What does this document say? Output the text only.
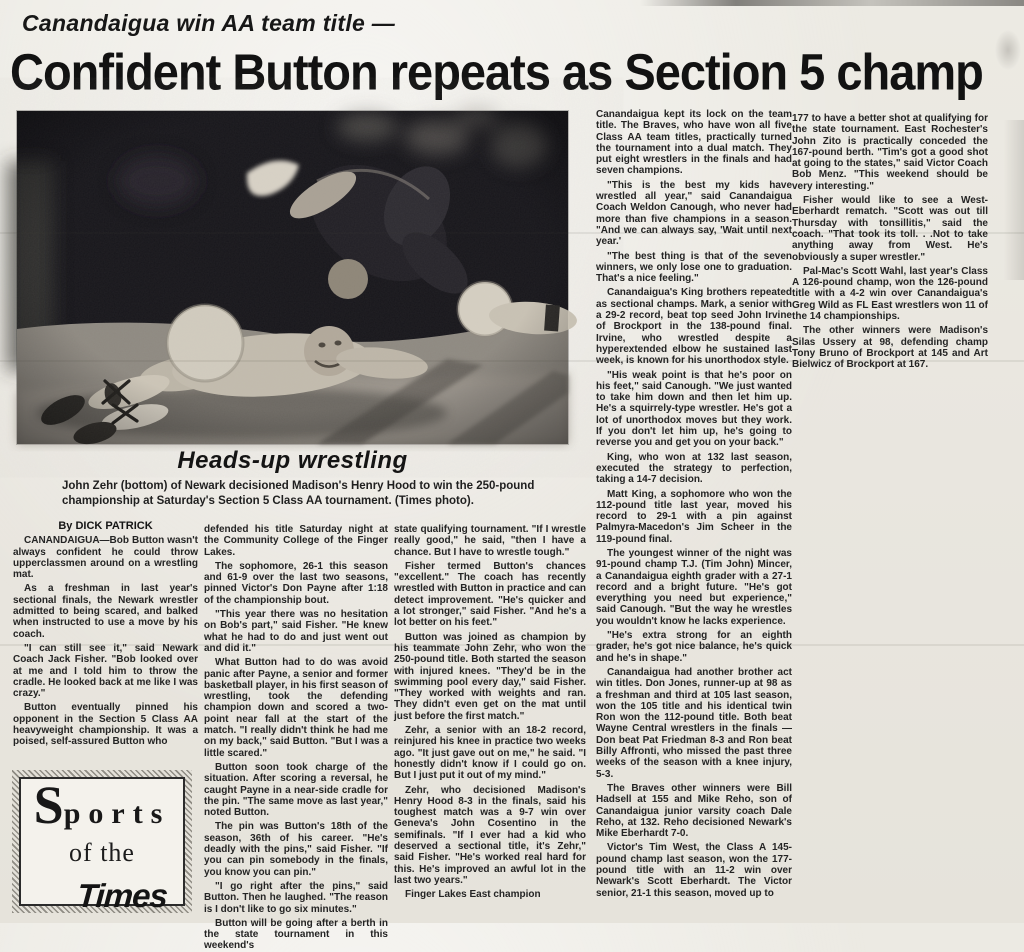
Canandaigua win AA team title —
Confident Button repeats as Section 5 champ
Heads-up wrestling
John Zehr (bottom) of Newark decisioned Madison's Henry Hood to win the 250-pound championship at Saturday's Section 5 Class AA tournament. (Times photo).

By DICK PATRICK

CANANDAIGUA—Bob Button wasn't always confident he could throw upperclassmen around on a wrestling mat.

As a freshman in last year's sectional finals, the Newark wrestler admitted to being scared, and balked when instructed to use a move by his coach.

"I can still see it," said Newark Coach Jack Fisher. "Bob looked over at me and I told him to throw the cradle. He looked back at me like I was crazy."

Button eventually pinned his opponent in the Section 5 Class AA heavyweight championship. It was a poised, self-assured Button who

defended his title Saturday night at the Community College of the Finger Lakes.

The sophomore, 26-1 this season and 61-9 over the last two seasons, pinned Victor's Don Payne after 1:18 of the championship bout.

"This year there was no hesitation on Bob's part," said Fisher. "He knew what he had to do and just went out and did it."

What Button had to do was avoid panic after Payne, a senior and former basketball player, in his first season of wrestling, took the defending champion down and scored a two-point near fall at the start of the match. "I really didn't think he had me on my back," said Button. "But I was a little scared."

Button soon took charge of the situation. After scoring a reversal, he caught Payne in a near-side cradle for the pin. "The same move as last year," noted Button.

The pin was Button's 18th of the season, 36th of his career. "He's deadly with the pins," said Fisher. "If you can pin somebody in the finals, you know you can pin."

"I go right after the pins," said Button. Then he laughed. "The reason is I don't like to go six minutes."

Button will be going after a berth in the state tournament in this weekend's

state qualifying tournament. "If I wrestle really good," he said, "then I have a chance. But I have to wrestle tough."

Fisher termed Button's chances "excellent." The coach has recently wrestled with Button in practice and can detect improvement. "He's quicker and a lot stronger," said Fisher. "And he's a lot better on his feet."

Button was joined as champion by his teammate John Zehr, who won the 250-pound title. Both started the season with injured knees. "They'd be in the swimming pool every day," said Fisher. "They worked with weights and ran. They didn't even get on the mat until just before the first match."

Zehr, a senior with an 18-2 record, reinjured his knee in practice two weeks ago. "It just gave out on me," he said. "I honestly didn't know if I could go on. But I just put it out of my mind."

Zehr, who decisioned Madison's Henry Hood 8-3 in the finals, said his toughest match was a 9-7 win over Geneva's John Cosentino in the semifinals. "If I ever had a kid who deserved a sectional title, it's Zehr," said Fisher. "He's worked real hard for this. He's improved an awful lot in the last two years."

Finger Lakes East champion

Canandaigua kept its lock on the team title. The Braves, who have won all five Class AA team titles, practically turned the tournament into a dual match. They put eight wrestlers in the finals and had seven champions.

"This is the best my kids have wrestled all year," said Canandaigua Coach Weldon Canough, who never had more than five champions in a season. "And we can always say, 'Wait until next year.'

"The best thing is that of the seven winners, we only lose one to graduation. That's a nice feeling."

Canandaigua's King brothers repeated as sectional champs. Mark, a senior with a 29-2 record, beat top seed John Irvine of Brockport in the 138-pound final. Irvine, who wrestled despite a hyperextended elbow he sustained last week, is known for his unorthodox style.

"His weak point is that he's poor on his feet," said Canough. "We just wanted to take him down and then let him up. He's a squirrely-type wrestler. He's got a lot of unorthodox moves but they work. If you don't let him up, he's going to reverse you and get you on your back."

King, who won at 132 last season, executed the strategy to perfection, taking a 14-7 decision.

Matt King, a sophomore who won the 112-pound title last year, moved his record to 29-1 with a pin against Palmyra-Macedon's Jim Scheer in the 119-pound final.

The youngest winner of the night was 91-pound champ T.J. (Tim John) Mincer, a Canandaigua eighth grader with a 27-1 record and a bright future. "He's got everything you need but experience," said Canough. "But the way he wrestles you wouldn't know he lacks experience.

"He's extra strong for an eighth grader, he's got nice balance, he's quick and he's in shape."

Canandaigua had another brother act win titles. Don Jones, runner-up at 98 as a freshman and third at 105 last season, won the 105 title and his identical twin Ron won the 112-pound title. Both beat Wayne Central wrestlers in the finals — Don beat Pat Friedman 8-3 and Ron beat Billy Affronti, who missed the past three weeks of the season with a knee injury, 5-3.

The Braves other winners were Bill Hadsell at 155 and Mike Reho, son of Canandaigua junior varsity coach Dale Reho, at 132. Reho decisioned Newark's Mike Eberhardt 7-0.

Victor's Tim West, the Class A 145-pound champ last season, won the 177-pound title with an 11-2 win over Newark's Scott Eberhardt. The Victor senior, 21-1 this season, moved up to

177 to have a better shot at qualifying for the state tournament. East Rochester's John Zito is practically conceded the 167-pound berth. "Tim's got a good shot at going to the states," said Victor Coach Bob Menz. "This weekend should be very interesting."

Fisher would like to see a West-Eberhardt rematch. "Scott was out till Thursday with tonsillitis," said the coach. "That took its toll. . .Not to take anything away from West. He's obviously a super wrestler."

Pal-Mac's Scott Wahl, last year's Class A 126-pound champ, won the 126-pound title with a 4-2 win over Canandaigua's Greg Wild as FL East wrestlers won 11 of the 14 championships.

The other winners were Madison's Silas Ussery at 98, defending champ Tony Bruno of Brockport at 145 and Art Bielwicz of Brockport at 167.

Sports
of the
Times
